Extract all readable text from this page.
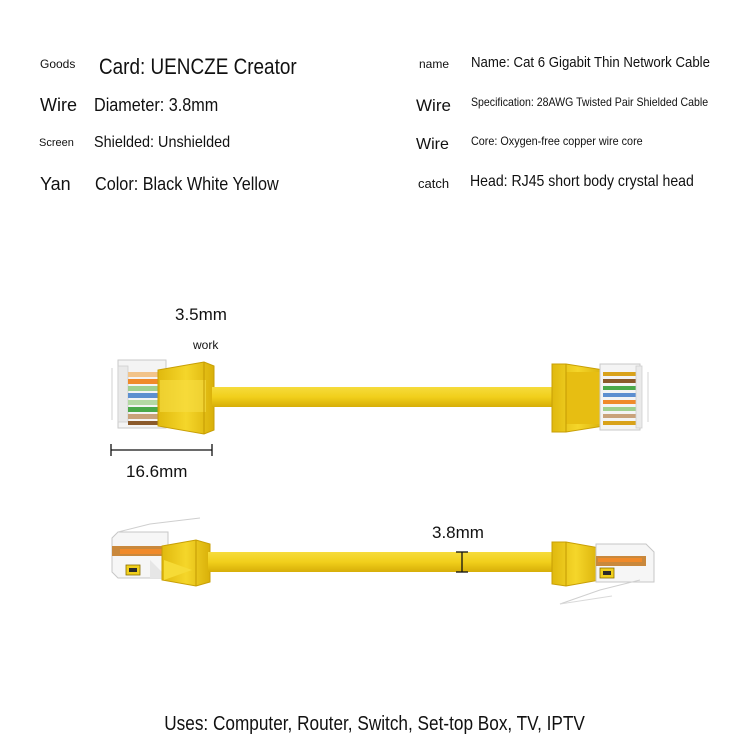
Goods Card: UENCZE Creator
Wire Diameter: 3.8mm
Screen Shielded: Unshielded
Yan Color: Black White Yellow
name Name: Cat 6 Gigabit Thin Network Cable
Wire Specification: 28AWG Twisted Pair Shielded Cable
Wire Core: Oxygen-free copper wire core
catch Head: RJ45 short body crystal head
3.5mm
work
16.6mm
3.8mm
Uses: Computer, Router, Switch, Set-top Box, TV, IPTV
